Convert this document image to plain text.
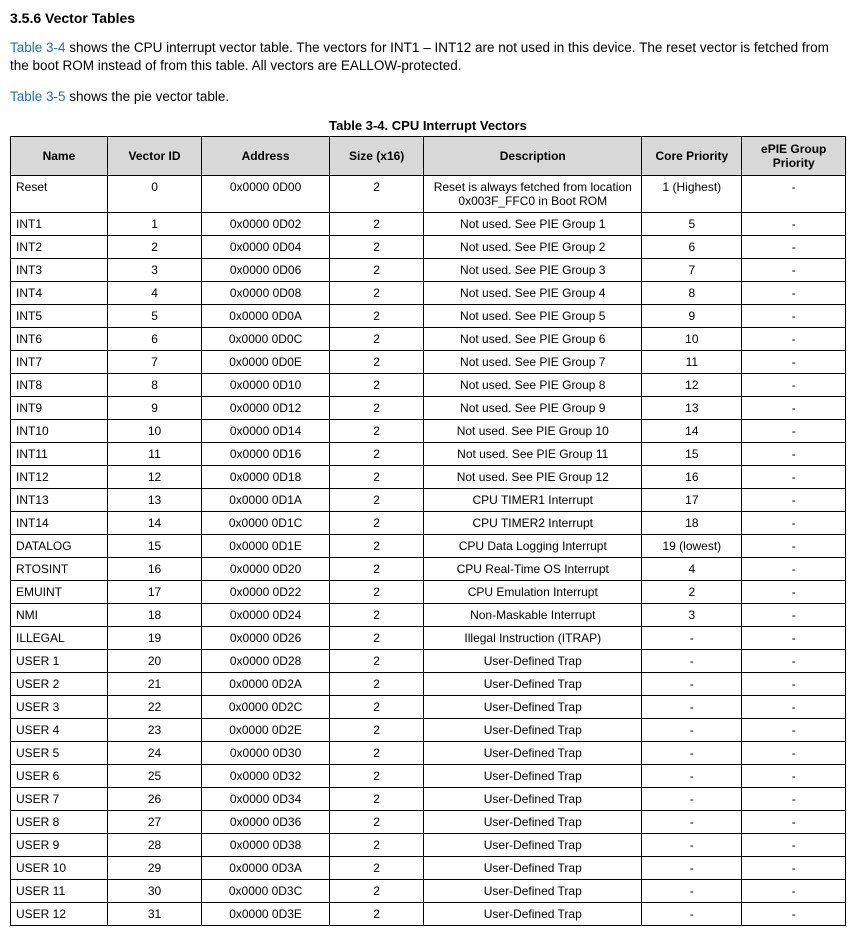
3.5.6 Vector Tables

Table 3-4 shows the CPU interrupt vector table. The vectors for INT1 – INT12 are not used in this device. The reset vector is fetched from the boot ROM instead of from this table. All vectors are EALLOW-protected.

Table 3-5 shows the pie vector table.

Table 3-4. CPU Interrupt Vectors
Name	Vector ID	Address	Size (x16)	Description	Core Priority	ePIE Group Priority
Reset	0	0x0000 0D00	2	Reset is always fetched from location 0x003F_FFC0 in Boot ROM	1 (Highest)	-
INT1	1	0x0000 0D02	2	Not used. See PIE Group 1	5	-
INT2	2	0x0000 0D04	2	Not used. See PIE Group 2	6	-
INT3	3	0x0000 0D06	2	Not used. See PIE Group 3	7	-
INT4	4	0x0000 0D08	2	Not used. See PIE Group 4	8	-
INT5	5	0x0000 0D0A	2	Not used. See PIE Group 5	9	-
INT6	6	0x0000 0D0C	2	Not used. See PIE Group 6	10	-
INT7	7	0x0000 0D0E	2	Not used. See PIE Group 7	11	-
INT8	8	0x0000 0D10	2	Not used. See PIE Group 8	12	-
INT9	9	0x0000 0D12	2	Not used. See PIE Group 9	13	-
INT10	10	0x0000 0D14	2	Not used. See PIE Group 10	14	-
INT11	11	0x0000 0D16	2	Not used. See PIE Group 11	15	-
INT12	12	0x0000 0D18	2	Not used. See PIE Group 12	16	-
INT13	13	0x0000 0D1A	2	CPU TIMER1 Interrupt	17	-
INT14	14	0x0000 0D1C	2	CPU TIMER2 Interrupt	18	-
DATALOG	15	0x0000 0D1E	2	CPU Data Logging Interrupt	19 (lowest)	-
RTOSINT	16	0x0000 0D20	2	CPU Real-Time OS Interrupt	4	-
EMUINT	17	0x0000 0D22	2	CPU Emulation Interrupt	2	-
NMI	18	0x0000 0D24	2	Non-Maskable Interrupt	3	-
ILLEGAL	19	0x0000 0D26	2	Illegal Instruction (ITRAP)	-	-
USER 1	20	0x0000 0D28	2	User-Defined Trap	-	-
USER 2	21	0x0000 0D2A	2	User-Defined Trap	-	-
USER 3	22	0x0000 0D2C	2	User-Defined Trap	-	-
USER 4	23	0x0000 0D2E	2	User-Defined Trap	-	-
USER 5	24	0x0000 0D30	2	User-Defined Trap	-	-
USER 6	25	0x0000 0D32	2	User-Defined Trap	-	-
USER 7	26	0x0000 0D34	2	User-Defined Trap	-	-
USER 8	27	0x0000 0D36	2	User-Defined Trap	-	-
USER 9	28	0x0000 0D38	2	User-Defined Trap	-	-
USER 10	29	0x0000 0D3A	2	User-Defined Trap	-	-
USER 11	30	0x0000 0D3C	2	User-Defined Trap	-	-
USER 12	31	0x0000 0D3E	2	User-Defined Trap	-	-
